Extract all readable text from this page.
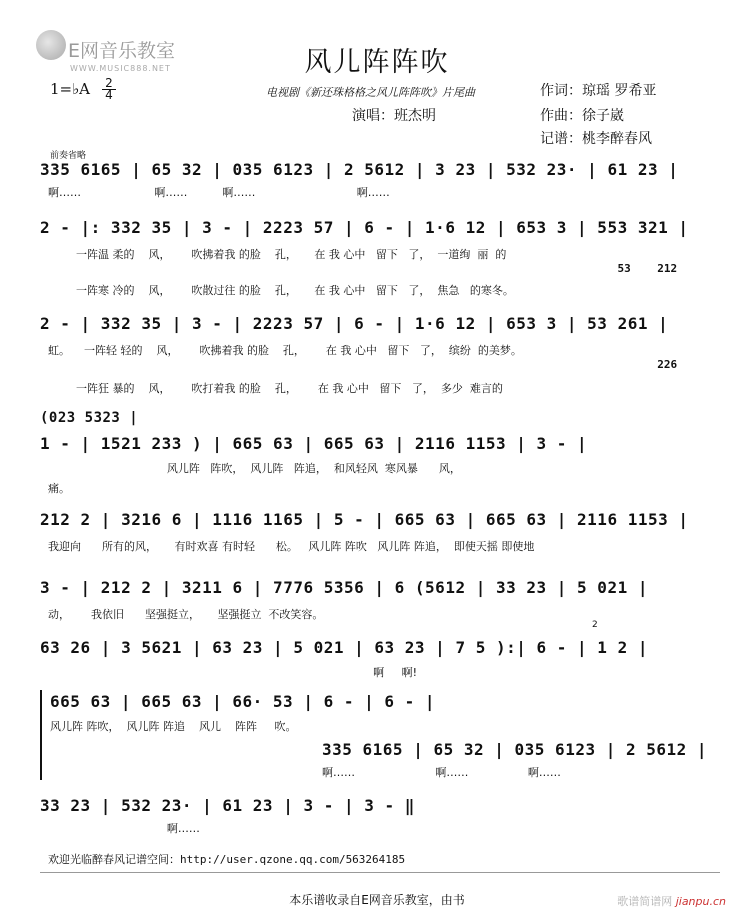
E网音乐教室
WWW.MUSIC888.NET	风儿阵阵吹
1=♭A 2
4	电视剧《新还珠格格之风儿阵阵吹》片尾曲	作词：琼瑶 罗希亚
演唱：班杰明	作曲：徐子崴
记谱：桃李醉春风
前奏省略
335 6165 | 65 32 | 035 6123 | 2 5612 | 3 23 | 532 23· | 61 23 |
啊……                     啊……          啊……                             啊……
2 - |: 332 35 | 3 - | 2223 57 | 6 - | 1·6 12 | 653 3 | 553 321 |
一阵温 柔的    风，      吹拂着我 的脸    孔，     在 我 心中   留下   了，  一道绚  丽  的
53    212
一阵寒 冷的    风，      吹散过往 的脸    孔，     在 我 心中   留下   了，  焦急   的寒冬。
2 - | 332 35 | 3 - | 2223 57 | 6 - | 1·6 12 | 653 3 | 53 261 |
虹。    一阵轻 轻的    风，      吹拂着我 的脸    孔，      在 我 心中   留下   了，  缤纷  的美梦。
226
一阵狂 暴的    风，      吹打着我 的脸    孔，      在 我 心中   留下   了，  多少  难言的
(023 5323 |
1 - | 1521 233 ) | 665 63 | 665 63 | 2116 1153 | 3 - |
风儿阵   阵吹，  风儿阵   阵追，  和风轻风  寒风暴      风，
痛。
212 2 | 3216 6 | 1116 1165 | 5 - | 665 63 | 665 63 | 2116 1153 |
我迎向      所有的风，     有时欢喜 有时轻      松。   风儿阵 阵吹   风儿阵 阵追，  即使天摇 即使地
3 - | 212 2 | 3211 6 | 7776 5356 | 6 (5612 | 33 23 | 5 021 |
动，      我依旧      坚强挺立，     坚强挺立  不改笑容。
2
63 26 | 3 5621 | 63 23 | 5 021 | 63 23 | 7 5 ):| 6 - | 1 2 |
啊     啊!
665 63 | 665 63 | 66· 53 | 6 - | 6 - |
风儿阵 阵吹，  风儿阵 阵追    风儿    阵阵     吹。
335 6165 | 65 32 | 035 6123 | 2 5612 |
啊……                       啊……                 啊……
33 23 | 532 23· | 61 23 | 3 - | 3 - ‖
啊……
欢迎光临醉春风记谱空间：http://user.qzone.qq.com/563264185
本乐谱收录自E网音乐教室，由书	歌谱简谱网 jianpu.cn
